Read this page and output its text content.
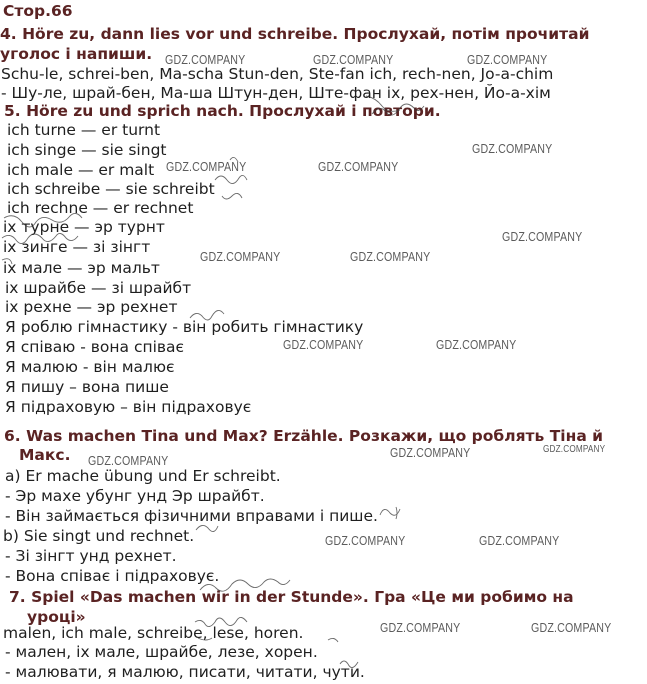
Стор.66
4. Höre zu, dann lies vor und schreibe. Прослухай, потім прочитай
уголос і напиши.
Schu-le, schrei-ben, Ma-scha Stun-den, Ste-fan ich, rech-nen, Jo-a-chim
- Шу-ле, шрай-бен, Ма-ша Штун-ден, Ште-фан іх, рех-нен, Йо-а-хім
5. Höre zu und sprich nach. Прослухай і повтори.
ich turne — er turnt
ich singe — sie singt
ich male — er malt
ich schreibe — sie schreibt
ich rechne — er rechnet
іх турне — эр турнт
іх зинге — зі зінгт
іх мале — эр мальт
іх шрайбе — зі шрайбт
іх рехне — эр рехнет
Я роблю гімнастику - він робить гімнастику
Я співаю - вона співає
Я малюю - він малює
Я пишу – вона пише
Я підраховую – він підраховує
6. Was machen Tina und Max? Erzähle. Розкажи, що роблять Тіна й
Макс.
a) Er mache übung und Er schreibt.
- Эр махе убунг унд Эр шрайбт.
- Він займається фізичними вправами і пише.
b) Sie singt und rechnet.
- Зі зінгт унд рехнет.
- Вона співає і підраховує.
7. Spiel «Das machen wir in der Stunde». Гра «Це ми робимо на
уроці»
malen, ich male, schreibe, lese, horen.
- мален, іх мале, шрайбе, лезе, хорен.
- малювати, я малюю, писати, читати, чути.
GDZ.COMPANY	GDZ.COMPANY	GDZ.COMPANY
GDZ.COMPANY
GDZ.COMPANY	GDZ.COMPANY
GDZ.COMPANY
GDZ.COMPANY	GDZ.COMPANY
GDZ.COMPANY	GDZ.COMPANY
GDZ.COMPANY
GDZ.COMPANY
GDZ.COMPANY
GDZ.COMPANY	GDZ.COMPANY
GDZ.COMPANY	GDZ.COMPANY
